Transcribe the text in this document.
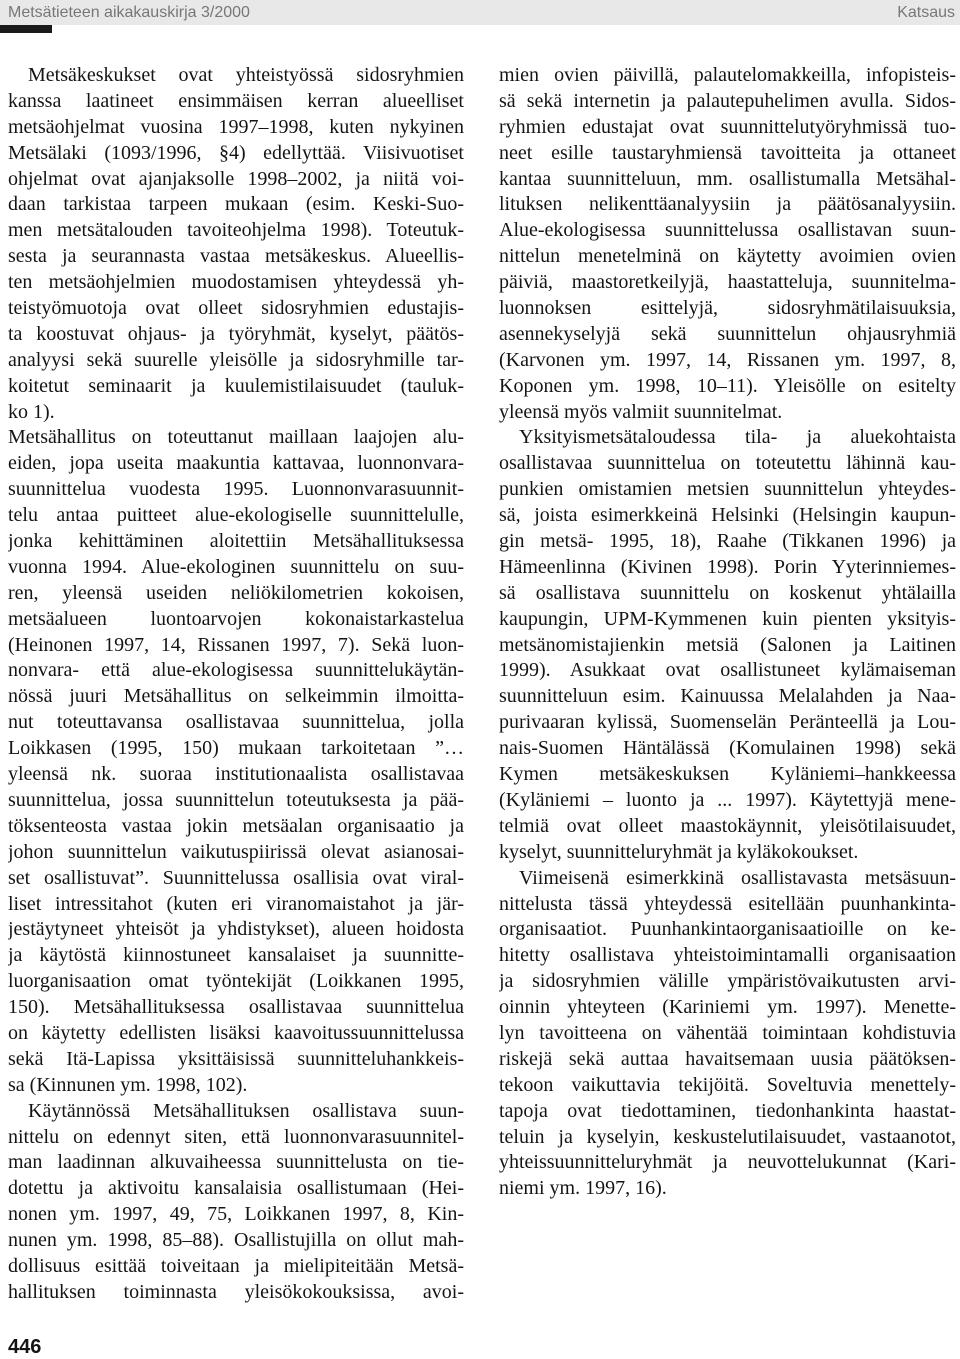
Metsätieteen aikakauskirja 3/2000	Katsaus
Metsäkeskukset ovat yhteistyössä sidosryhmien
kanssa laatineet ensimmäisen kerran alueelliset
metsäohjelmat vuosina 1997–1998, kuten nykyinen
Metsälaki (1093/1996, §4) edellyttää. Viisivuotiset
ohjelmat ovat ajanjaksolle 1998–2002, ja niitä voi-
daan tarkistaa tarpeen mukaan (esim. Keski-Suo-
men metsätalouden tavoiteohjelma 1998). Toteutuk-
sesta ja seurannasta vastaa metsäkeskus. Alueellis-
ten metsäohjelmien muodostamisen yhteydessä yh-
teistyömuotoja ovat olleet sidosryhmien edustajis-
ta koostuvat ohjaus- ja työryhmät, kyselyt, päätös-
analyysi sekä suurelle yleisölle ja sidosryhmille tar-
koitetut seminaarit ja kuulemistilaisuudet (tauluk-
ko 1).
Metsähallitus on toteuttanut maillaan laajojen alu-
eiden, jopa useita maakuntia kattavaa, luonnonvara-
suunnittelua vuodesta 1995. Luonnonvarasuunnit-
telu antaa puitteet alue-ekologiselle suunnittelulle,
jonka kehittäminen aloitettiin Metsähallituksessa
vuonna 1994. Alue-ekologinen suunnittelu on suu-
ren, yleensä useiden neliökilometrien kokoisen,
metsäalueen luontoarvojen kokonaistarkastelua
(Heinonen 1997, 14, Rissanen 1997, 7). Sekä luon-
nonvara- että alue-ekologisessa suunnittelukäytän-
nössä juuri Metsähallitus on selkeimmin ilmoitta-
nut toteuttavansa osallistavaa suunnittelua, jolla
Loikkasen (1995, 150) mukaan tarkoitetaan ”…
yleensä nk. suoraa institutionaalista osallistavaa
suunnittelua, jossa suunnittelun toteutuksesta ja pää-
töksenteosta vastaa jokin metsäalan organisaatio ja
johon suunnittelun vaikutuspiirissä olevat asianosai-
set osallistuvat”. Suunnittelussa osallisia ovat viral-
liset intressitahot (kuten eri viranomaistahot ja jär-
jestäytyneet yhteisöt ja yhdistykset), alueen hoidosta
ja käytöstä kiinnostuneet kansalaiset ja suunnitte-
luorganisaation omat työntekijät (Loikkanen 1995,
150). Metsähallituksessa osallistavaa suunnittelua
on käytetty edellisten lisäksi kaavoitussuunnittelussa
sekä Itä-Lapissa yksittäisissä suunnitteluhankkeis-
sa (Kinnunen ym. 1998, 102).
Käytännössä Metsähallituksen osallistava suun-
nittelu on edennyt siten, että luonnonvarasuunnitel-
man laadinnan alkuvaiheessa suunnittelusta on tie-
dotettu ja aktivoitu kansalaisia osallistumaan (Hei-
nonen ym. 1997, 49, 75, Loikkanen 1997, 8, Kin-
nunen ym. 1998, 85–88). Osallistujilla on ollut mah-
dollisuus esittää toiveitaan ja mielipiteitään Metsä-
hallituksen toiminnasta yleisökokouksissa, avoi-
mien ovien päivillä, palautelomakkeilla, infopisteis-
sä sekä internetin ja palautepuhelimen avulla. Sidos-
ryhmien edustajat ovat suunnittelutyöryhmissä tuo-
neet esille taustaryhmiensä tavoitteita ja ottaneet
kantaa suunnitteluun, mm. osallistumalla Metsähal-
lituksen nelikenttäanalyysiin ja päätösanalyysiin.
Alue-ekologisessa suunnittelussa osallistavan suun-
nittelun menetelminä on käytetty avoimien ovien
päiviä, maastoretkeilyjä, haastatteluja, suunnitelma-
luonnoksen esittelyjä, sidosryhmätilaisuuksia,
asennekyselyjä sekä suunnittelun ohjausryhmiä
(Karvonen ym. 1997, 14, Rissanen ym. 1997, 8,
Koponen ym. 1998, 10–11). Yleisölle on esitelty
yleensä myös valmiit suunnitelmat.
Yksityismetsätaloudessa tila- ja aluekohtaista
osallistavaa suunnittelua on toteutettu lähinnä kau-
punkien omistamien metsien suunnittelun yhteydes-
sä, joista esimerkkeinä Helsinki (Helsingin kaupun-
gin metsä- 1995, 18), Raahe (Tikkanen 1996) ja
Hämeenlinna (Kivinen 1998). Porin Yyterinniemes-
sä osallistava suunnittelu on koskenut yhtälailla
kaupungin, UPM-Kymmenen kuin pienten yksityis-
metsänomistajienkin metsiä (Salonen ja Laitinen
1999). Asukkaat ovat osallistuneet kylämaiseman
suunnitteluun esim. Kainuussa Melalahden ja Naa-
purivaaran kylissä, Suomenselän Peränteellä ja Lou-
nais-Suomen Häntälässä (Komulainen 1998) sekä
Kymen metsäkeskuksen Kyläniemi–hankkeessa
(Kyläniemi – luonto ja ... 1997). Käytettyjä mene-
telmiä ovat olleet maastokäynnit, yleisötilaisuudet,
kyselyt, suunnitteluryhmät ja kyläkokoukset.
Viimeisenä esimerkkinä osallistavasta metsäsuun-
nittelusta tässä yhteydessä esitellään puunhankinta-
organisaatiot. Puunhankintaorganisaatioille on ke-
hitetty osallistava yhteistoimintamalli organisaation
ja sidosryhmien välille ympäristövaikutusten arvi-
oinnin yhteyteen (Kariniemi ym. 1997). Menette-
lyn tavoitteena on vähentää toimintaan kohdistuvia
riskejä sekä auttaa havaitsemaan uusia päätöksen-
tekoon vaikuttavia tekijöitä. Soveltuvia menettely-
tapoja ovat tiedottaminen, tiedonhankinta haastat-
teluin ja kyselyin, keskustelutilaisuudet, vastaanotot,
yhteissuunnitteluryhmät ja neuvottelukunnat (Kari-
niemi ym. 1997, 16).
446
